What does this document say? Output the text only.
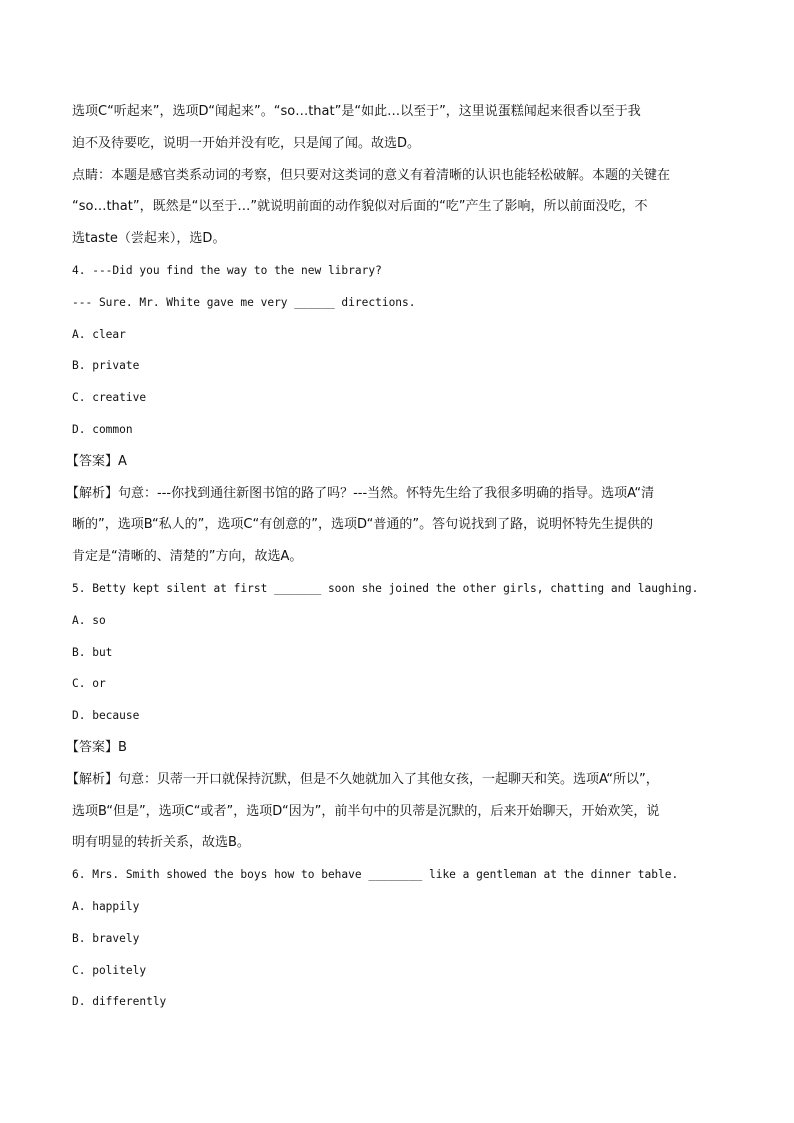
选项C“听起来”，选项D“闻起来”。“so…that”是“如此…以至于”，这里说蛋糕闻起来很香以至于我
迫不及待要吃，说明一开始并没有吃，只是闻了闻。故选D。
点睛：本题是感官类系动词的考察，但只要对这类词的意义有着清晰的认识也能轻松破解。本题的关键在
“so…that”，既然是“以至于…”就说明前面的动作貌似对后面的“吃”产生了影响，所以前面没吃，不
选taste（尝起来），选D。
4. ---Did you find the way to the new library?
--- Sure. Mr. White gave me very ______ directions.
A. clear
B. private
C. creative
D. common
【答案】A
【解析】句意：---你找到通往新图书馆的路了吗？---当然。怀特先生给了我很多明确的指导。选项A“清
晰的”，选项B“私人的”，选项C“有创意的”，选项D“普通的”。答句说找到了路，说明怀特先生提供的
肯定是“清晰的、清楚的”方向，故选A。
5. Betty kept silent at first _______ soon she joined the other girls, chatting and laughing.
A. so
B. but
C. or
D. because
【答案】B
【解析】句意：贝蒂一开口就保持沉默，但是不久她就加入了其他女孩，一起聊天和笑。选项A“所以”，
选项B“但是”，选项C“或者”，选项D“因为”，前半句中的贝蒂是沉默的，后来开始聊天，开始欢笑，说
明有明显的转折关系，故选B。
6. Mrs. Smith showed the boys how to behave ________ like a gentleman at the dinner table.
A. happily
B. bravely
C. politely
D. differently
